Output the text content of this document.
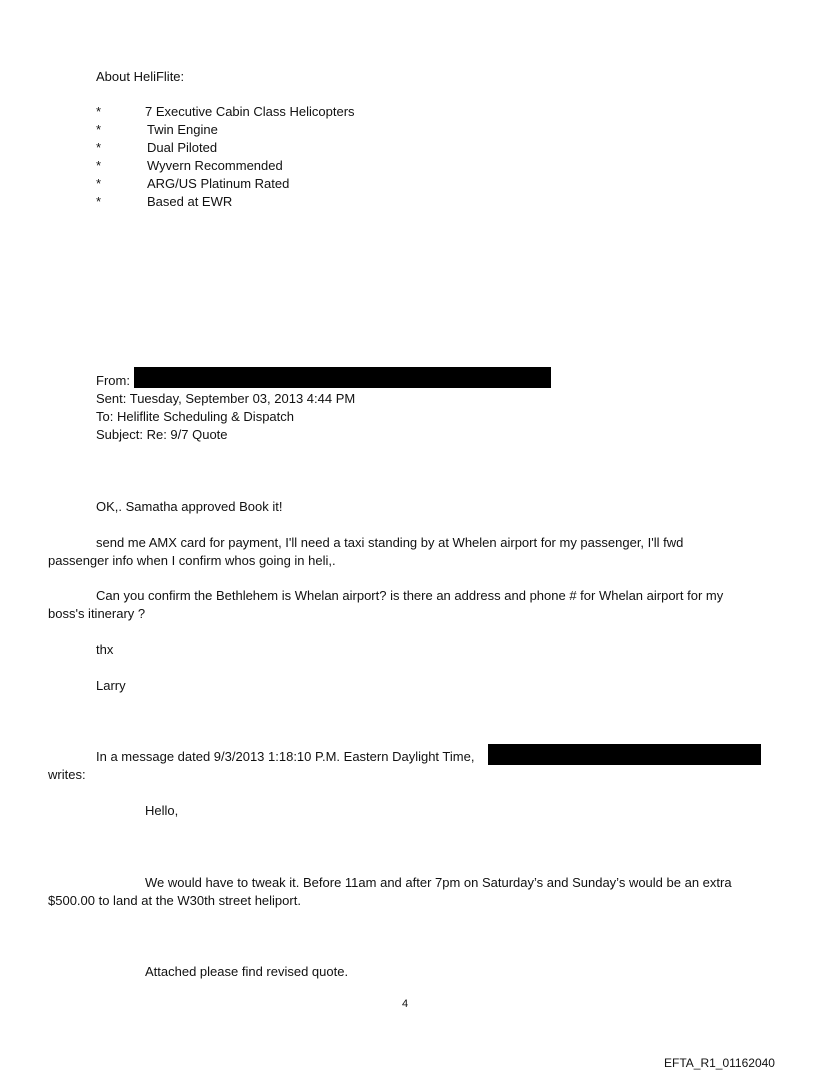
About HeliFlite:
*	7 Executive Cabin Class Helicopters
*	Twin Engine
*	Dual Piloted
*	Wyvern Recommended
*	ARG/US Platinum Rated
*	Based at EWR
From:
Sent: Tuesday, September 03, 2013 4:44 PM
To: Heliflite Scheduling & Dispatch
Subject: Re: 9/7 Quote
OK,. Samatha approved Book it!
send me AMX card for payment, I'll need a taxi standing by at Whelen airport for my passenger, I'll fwd
passenger info when I confirm whos going in heli,.
Can you confirm the Bethlehem is Whelan airport? is there an address and phone # for Whelan airport for my
boss's itinerary ?
thx
Larry
In a message dated 9/3/2013 1:18:10 P.M. Eastern Daylight Time,
writes:
Hello,
We would have to tweak it. Before 11am and after 7pm on Saturday’s and Sunday’s would be an extra
$500.00 to land at the W30th street heliport.
Attached please find revised quote.
4
EFTA_R1_01162040
